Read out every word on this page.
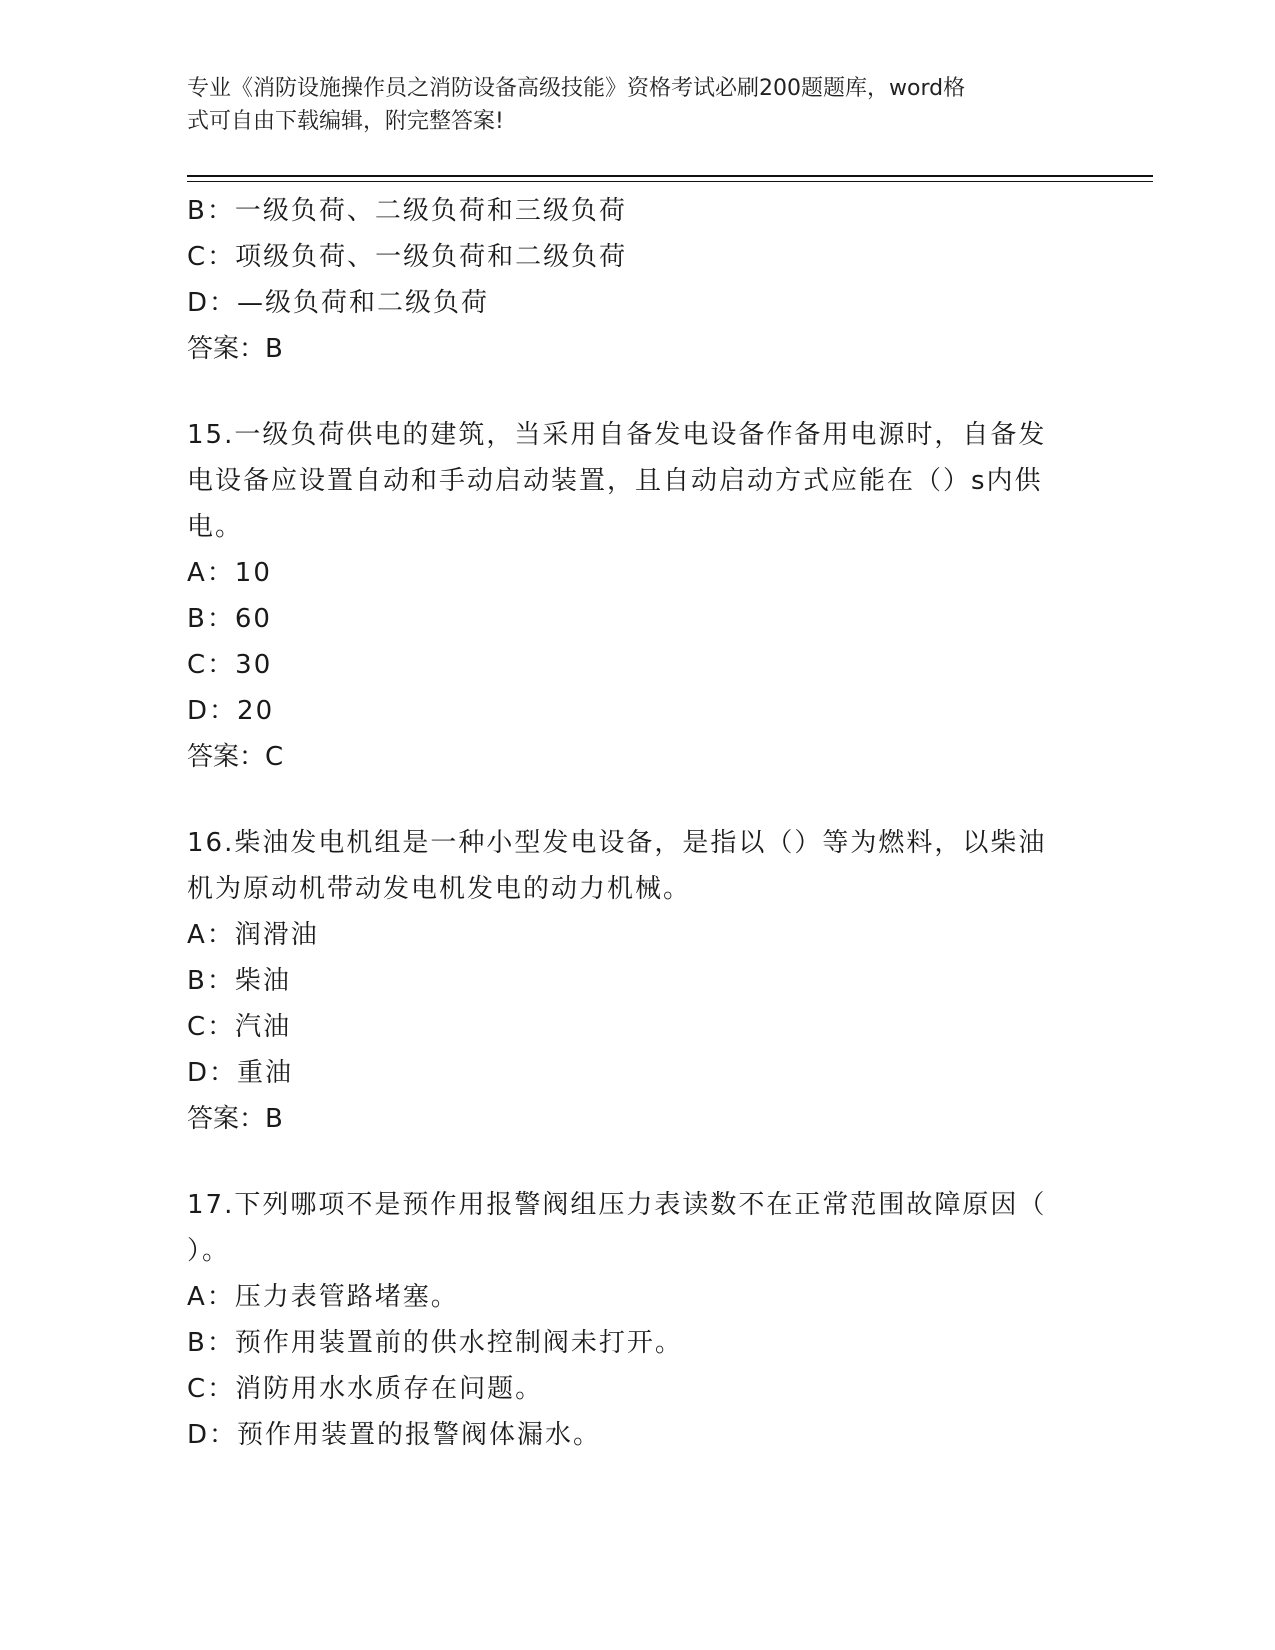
专业《消防设施操作员之消防设备高级技能》资格考试必刷200题题库，word格
式可自由下载编辑，附完整答案!
B：一级负荷、二级负荷和三级负荷
C：项级负荷、一级负荷和二级负荷
D：—级负荷和二级负荷
答案：B
15.一级负荷供电的建筑，当采用自备发电设备作备用电源时，自备发
电设备应设置自动和手动启动装置，且自动启动方式应能在（）s内供
电。
A：10
B：60
C：30
D：20
答案：C
16.柴油发电机组是一种小型发电设备，是指以（）等为燃料，以柴油
机为原动机带动发电机发电的动力机械。
A：润滑油
B：柴油
C：汽油
D：重油
答案：B
17.下列哪项不是预作用报警阀组压力表读数不在正常范围故障原因（
）。
A：压力表管路堵塞。
B：预作用装置前的供水控制阀未打开。
C：消防用水水质存在问题。
D：预作用装置的报警阀体漏水。
